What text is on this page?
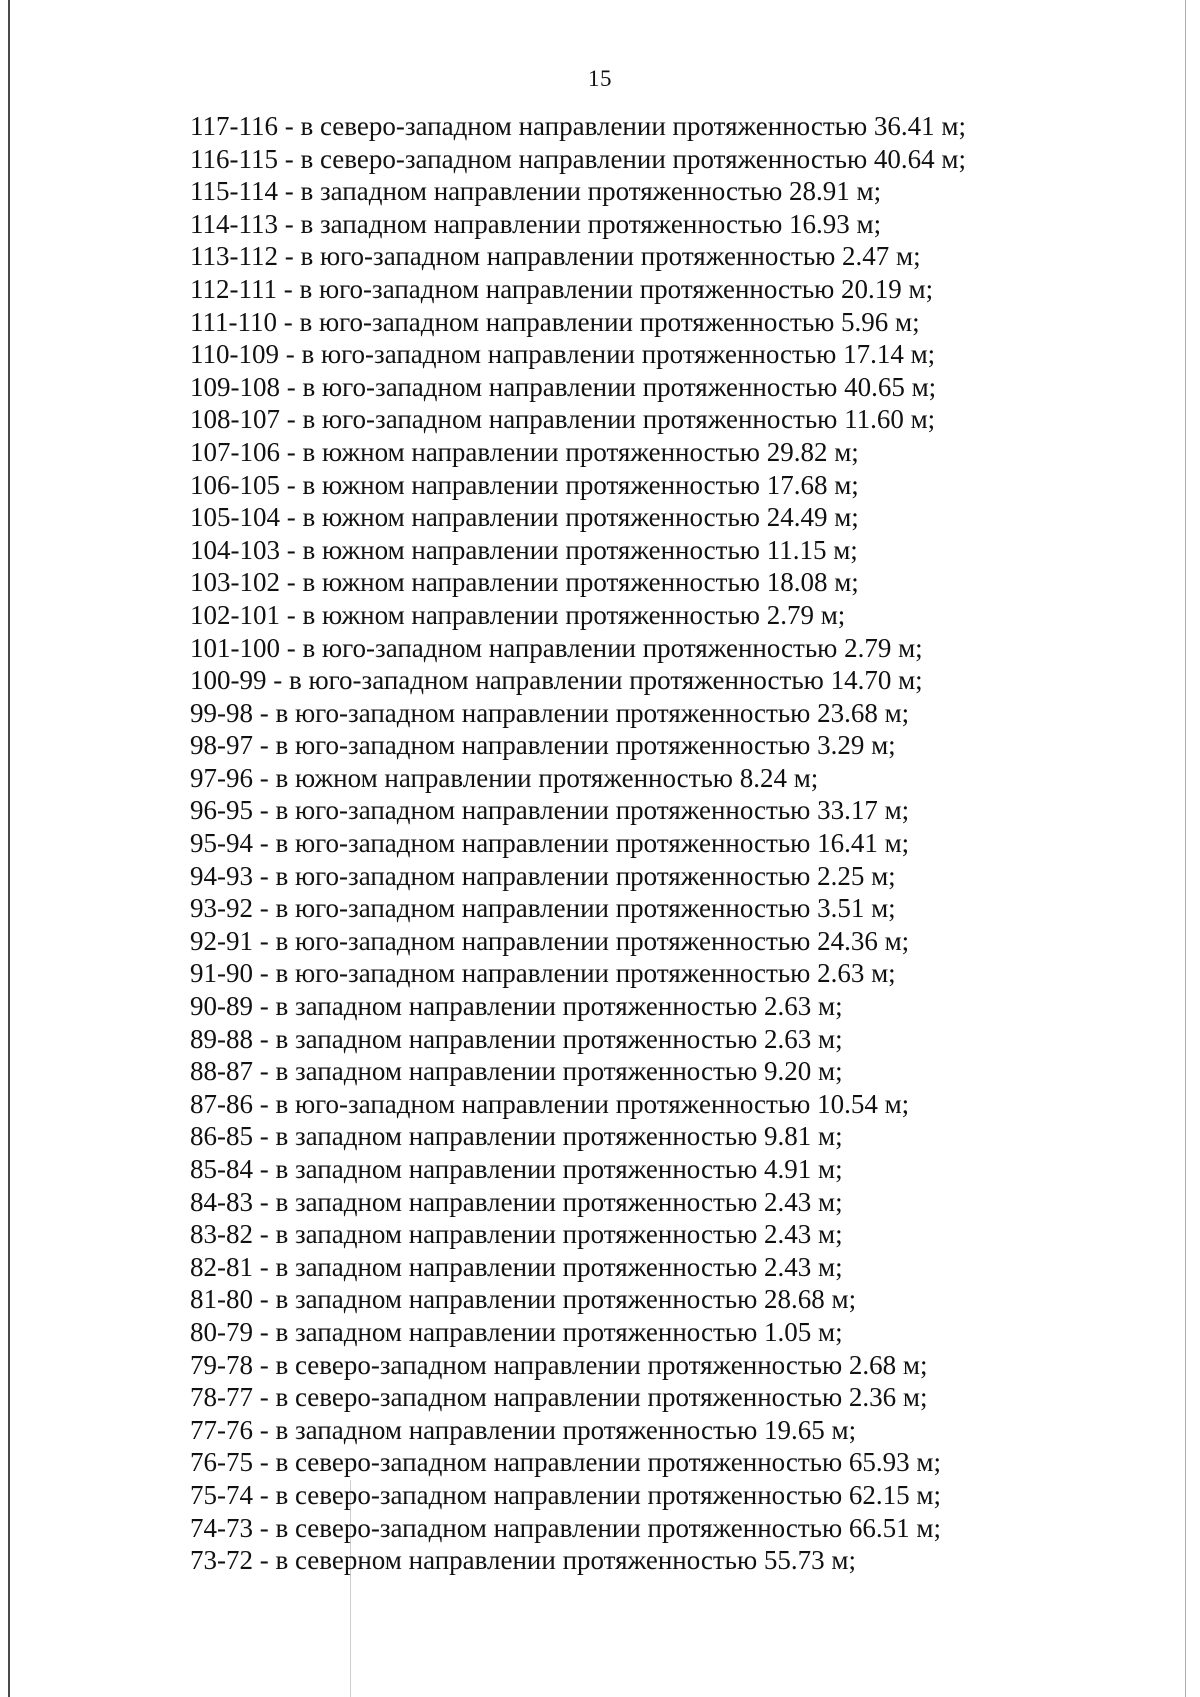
15
117-116 - в северо-западном направлении протяженностью 36.41 м;
116-115 - в северо-западном направлении протяженностью 40.64 м;
115-114 - в западном направлении протяженностью 28.91 м;
114-113 - в западном направлении протяженностью 16.93 м;
113-112 - в юго-западном направлении протяженностью 2.47 м;
112-111 - в юго-западном направлении протяженностью 20.19 м;
111-110 - в юго-западном направлении протяженностью 5.96 м;
110-109 - в юго-западном направлении протяженностью 17.14 м;
109-108 - в юго-западном направлении протяженностью 40.65 м;
108-107 - в юго-западном направлении протяженностью 11.60 м;
107-106 - в южном направлении протяженностью 29.82 м;
106-105 - в южном направлении протяженностью 17.68 м;
105-104 - в южном направлении протяженностью 24.49 м;
104-103 - в южном направлении протяженностью 11.15 м;
103-102 - в южном направлении протяженностью 18.08 м;
102-101 - в южном направлении протяженностью 2.79 м;
101-100 - в юго-западном направлении протяженностью 2.79 м;
100-99 - в юго-западном направлении протяженностью 14.70 м;
99-98 - в юго-западном направлении протяженностью 23.68 м;
98-97 - в юго-западном направлении протяженностью 3.29 м;
97-96 - в южном направлении протяженностью 8.24 м;
96-95 - в юго-западном направлении протяженностью 33.17 м;
95-94 - в юго-западном направлении протяженностью 16.41 м;
94-93 - в юго-западном направлении протяженностью 2.25 м;
93-92 - в юго-западном направлении протяженностью 3.51 м;
92-91 - в юго-западном направлении протяженностью 24.36 м;
91-90 - в юго-западном направлении протяженностью 2.63 м;
90-89 - в западном направлении протяженностью 2.63 м;
89-88 - в западном направлении протяженностью 2.63 м;
88-87 - в западном направлении протяженностью 9.20 м;
87-86 - в юго-западном направлении протяженностью 10.54 м;
86-85 - в западном направлении протяженностью 9.81 м;
85-84 - в западном направлении протяженностью 4.91 м;
84-83 - в западном направлении протяженностью 2.43 м;
83-82 - в западном направлении протяженностью 2.43 м;
82-81 - в западном направлении протяженностью 2.43 м;
81-80 - в западном направлении протяженностью 28.68 м;
80-79 - в западном направлении протяженностью 1.05 м;
79-78 - в северо-западном направлении протяженностью 2.68 м;
78-77 - в северо-западном направлении протяженностью 2.36 м;
77-76 - в западном направлении протяженностью 19.65 м;
76-75 - в северо-западном направлении протяженностью 65.93 м;
75-74 - в северо-западном направлении протяженностью 62.15 м;
74-73 - в северо-западном направлении протяженностью 66.51 м;
73-72 - в северном направлении протяженностью 55.73 м;
